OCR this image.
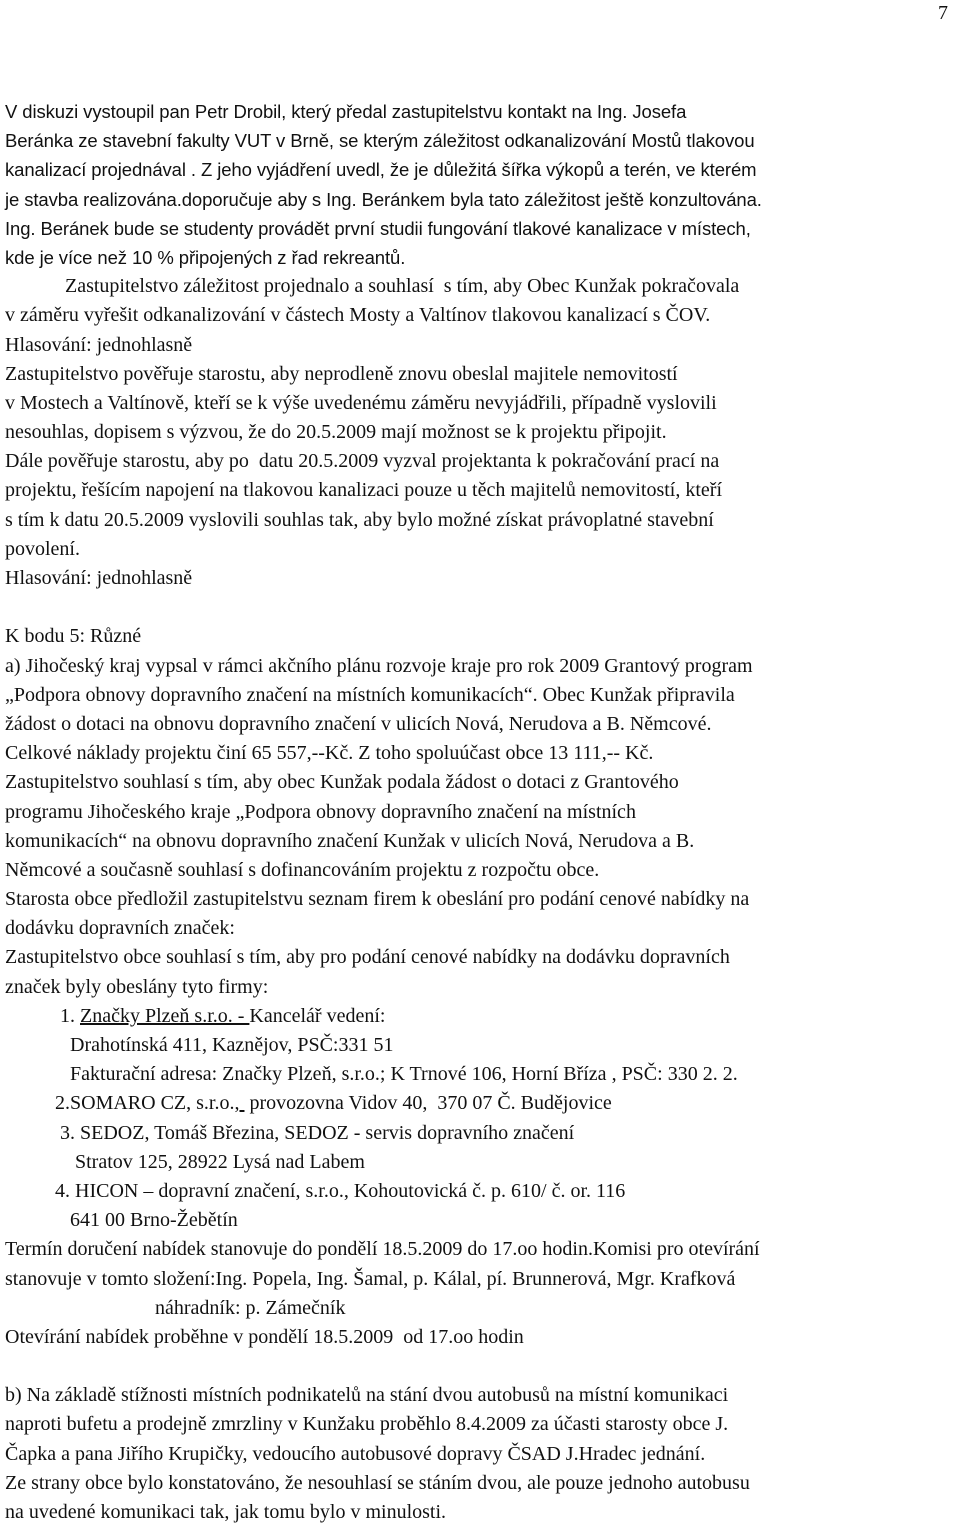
7
V diskuzi vystoupil pan Petr Drobil, který předal zastupitelstvu kontakt na Ing. Josefa
Beránka ze stavební fakulty VUT v Brně, se kterým záležitost odkanalizování Mostů tlakovou
kanalizací projednával . Z jeho vyjádření uvedl, že je důležitá šířka výkopů a terén, ve kterém
je stavba realizována.doporučuje aby s Ing. Beránkem byla tato záležitost ještě konzultována.
Ing. Beránek bude se studenty provádět první studii fungování tlakové kanalizace v místech,
kde je více než 10 % připojených z řad rekreantů.
Zastupitelstvo záležitost projednalo a souhlasí  s tím, aby Obec Kunžak pokračovala
v záměru vyřešit odkanalizování v částech Mosty a Valtínov tlakovou kanalizací s ČOV.
Hlasování: jednohlasně
Zastupitelstvo pověřuje starostu, aby neprodleně znovu obeslal majitele nemovitostí
v Mostech a Valtínově, kteří se k výše uvedenému záměru nevyjádřili, případně vyslovili
nesouhlas, dopisem s výzvou, že do 20.5.2009 mají možnost se k projektu připojit.
Dále pověřuje starostu, aby po  datu 20.5.2009 vyzval projektanta k pokračování prací na
projektu, řešícím napojení na tlakovou kanalizaci pouze u těch majitelů nemovitostí, kteří
s tím k datu 20.5.2009 vyslovili souhlas tak, aby bylo možné získat právoplatné stavební
povolení.
Hlasování: jednohlasně
K bodu 5: Různé
a) Jihočeský kraj vypsal v rámci akčního plánu rozvoje kraje pro rok 2009 Grantový program
„Podpora obnovy dopravního značení na místních komunikacích“. Obec Kunžak připravila
žádost o dotaci na obnovu dopravního značení v ulicích Nová, Nerudova a B. Němcové.
Celkové náklady projektu činí 65 557,--Kč. Z toho spoluúčast obce 13 111,-- Kč.
Zastupitelstvo souhlasí s tím, aby obec Kunžak podala žádost o dotaci z Grantového
programu Jihočeského kraje „Podpora obnovy dopravního značení na místních
komunikacích“ na obnovu dopravního značení Kunžak v ulicích Nová, Nerudova a B.
Němcové a současně souhlasí s dofinancováním projektu z rozpočtu obce.
Starosta obce předložil zastupitelstvu seznam firem k obeslání pro podání cenové nabídky na
dodávku dopravních značek:
Zastupitelstvo obce souhlasí s tím, aby pro podání cenové nabídky na dodávku dopravních
značek byly obeslány tyto firmy:
1. Značky Plzeň s.r.o. - Kancelář vedení:
Drahotínská 411, Kaznějov, PSČ:331 51
Fakturační adresa: Značky Plzeň, s.r.o.; K Trnové 106, Horní Bříza , PSČ: 330 2. 2.
2.SOMARO CZ, s.r.o.,  provozovna Vidov 40,  370 07 Č. Budějovice
3. SEDOZ, Tomáš Březina, SEDOZ - servis dopravního značení
Stratov 125, 28922 Lysá nad Labem
4. HICON – dopravní značení, s.r.o., Kohoutovická č. p. 610/ č. or. 116
641 00 Brno-Žebětín
Termín doručení nabídek stanovuje do pondělí 18.5.2009 do 17.oo hodin.Komisi pro otevírání
stanovuje v tomto složení:Ing. Popela, Ing. Šamal, p. Kálal, pí. Brunnerová, Mgr. Krafková
náhradník: p. Zámečník
Otevírání nabídek proběhne v pondělí 18.5.2009  od 17.oo hodin
b) Na základě stížnosti místních podnikatelů na stání dvou autobusů na místní komunikaci
naproti bufetu a prodejně zmrzliny v Kunžaku proběhlo 8.4.2009 za účasti starosty obce J.
Čapka a pana Jiřího Krupičky, vedoucího autobusové dopravy ČSAD J.Hradec jednání.
Ze strany obce bylo konstatováno, že nesouhlasí se stáním dvou, ale pouze jednoho autobusu
na uvedené komunikaci tak, jak tomu bylo v minulosti.
